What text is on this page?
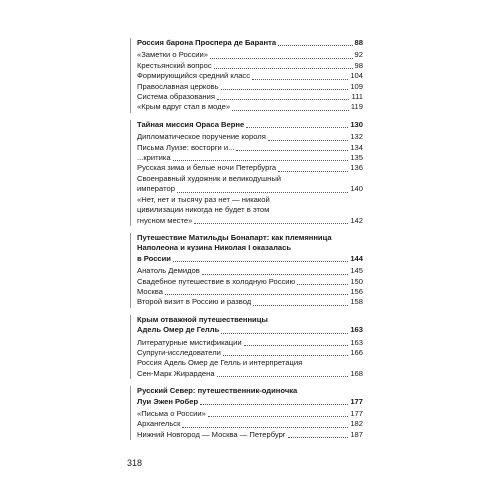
Россия барона Проспера де Баранта	88
«Заметки о России»	92
Крестьянский вопрос	98
Формирующийся средний класс	104
Православная церковь	109
Система образования	111
«Крым вдруг стал в моде»	119
Тайная миссия Ораса Верне	130
Дипломатическое поручение короля	132
Письма Луизе: восторги и...	134
...критика	135
Русская зима и белые ночи Петербурга	136
Своенравный художник и великодушный
император	140
«Нет, нет и тысячу раз нет — никакой
цивилизации никогда не будет в этом
гнусном месте»	142
Путешествие Матильды Бонапарт: как племянница
Наполеона и кузина Николая I оказалась
в России	144
Анатоль Демидов	145
Свадебное путешествие в холодную Россию	150
Москва	156
Второй визит в Россию и развод	158
Крым отважной путешественницы
Адель Омер де Гелль	163
Литературные мистификации	163
Супруги-исследователи	166
Россия Адель Омер де Гелль и интерпретация
Сен-Марк Жирардена	168
Русский Север: путешественник-одиночка
Луи Эжен Робер	177
«Письма о России»	177
Архангельск	182
Нижний Новгород — Москва — Петербург	187
318
